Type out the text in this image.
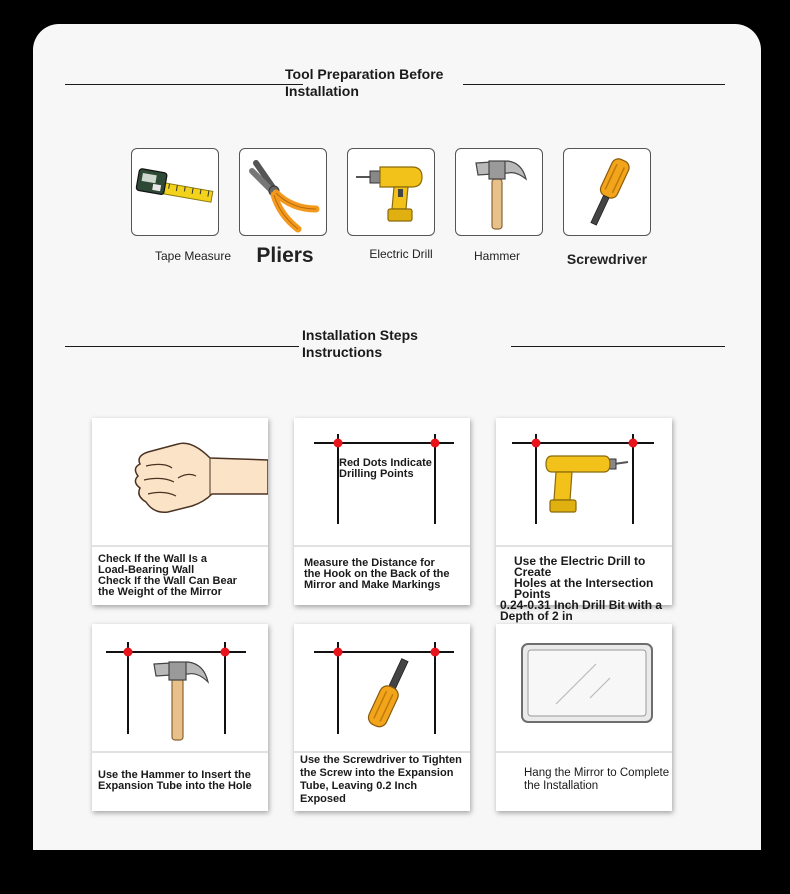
Tool Preparation Before
Installation
Tape Measure	Pliers	Electric Drill	Hammer	Screwdriver
Installation Steps
Instructions

Check If the Wall Is a

Load-Bearing Wall

Check If the Wall Can Bear

the Weight of the Mirror

Red Dots Indicate
Drilling Points

Measure the Distance for

the Hook on the Back of the

Mirror and Make Markings

Use the Electric Drill to Create

Holes at the Intersection Points

0.24-0.31 Inch Drill Bit with a

Depth of 2 in

Use the Hammer to Insert the

Expansion Tube into the Hole

Use the Screwdriver to Tighten

the Screw into the Expansion

Tube, Leaving 0.2 Inch

Exposed

Hang the Mirror to Complete

the Installation
